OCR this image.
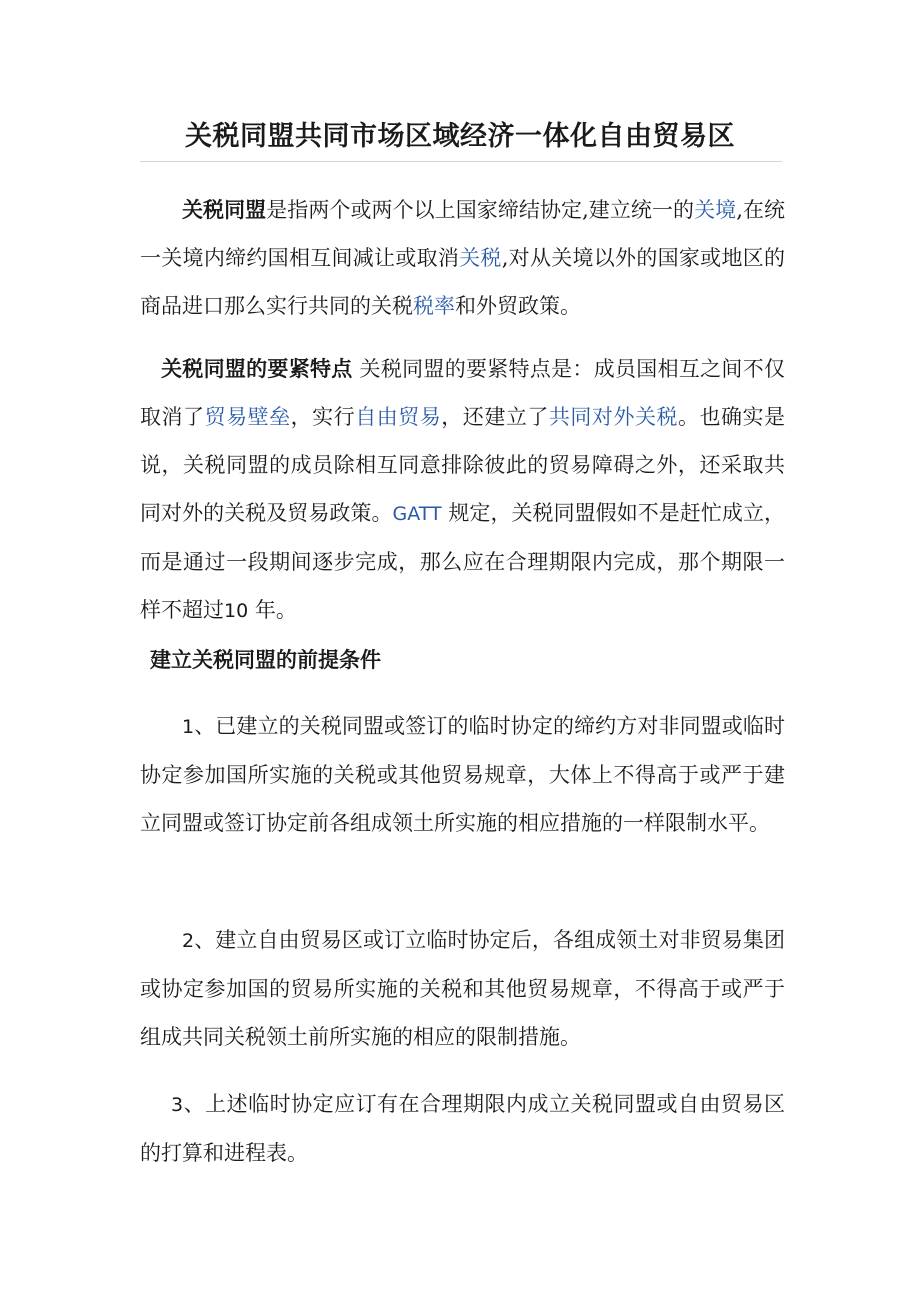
关税同盟共同市场区域经济一体化自由贸易区

关税同盟是指两个或两个以上国家缔结协定,建立统一的关境,在统一关境内缔约国相互间减让或取消关税,对从关境以外的国家或地区的商品进口那么实行共同的关税税率和外贸政策。

关税同盟的要紧特点 关税同盟的要紧特点是：成员国相互之间不仅取消了贸易壁垒，实行自由贸易，还建立了共同对外关税。也确实是说，关税同盟的成员除相互同意排除彼此的贸易障碍之外，还采取共同对外的关税及贸易政策。GATT 规定，关税同盟假如不是赶忙成立，而是通过一段期间逐步完成，那么应在合理期限内完成，那个期限一样不超过10 年。

建立关税同盟的前提条件

1、已建立的关税同盟或签订的临时协定的缔约方对非同盟或临时协定参加国所实施的关税或其他贸易规章，大体上不得高于或严于建立同盟或签订协定前各组成领土所实施的相应措施的一样限制水平。

2、建立自由贸易区或订立临时协定后，各组成领土对非贸易集团或协定参加国的贸易所实施的关税和其他贸易规章，不得高于或严于组成共同关税领土前所实施的相应的限制措施。

3、上述临时协定应订有在合理期限内成立关税同盟或自由贸易区的打算和进程表。
